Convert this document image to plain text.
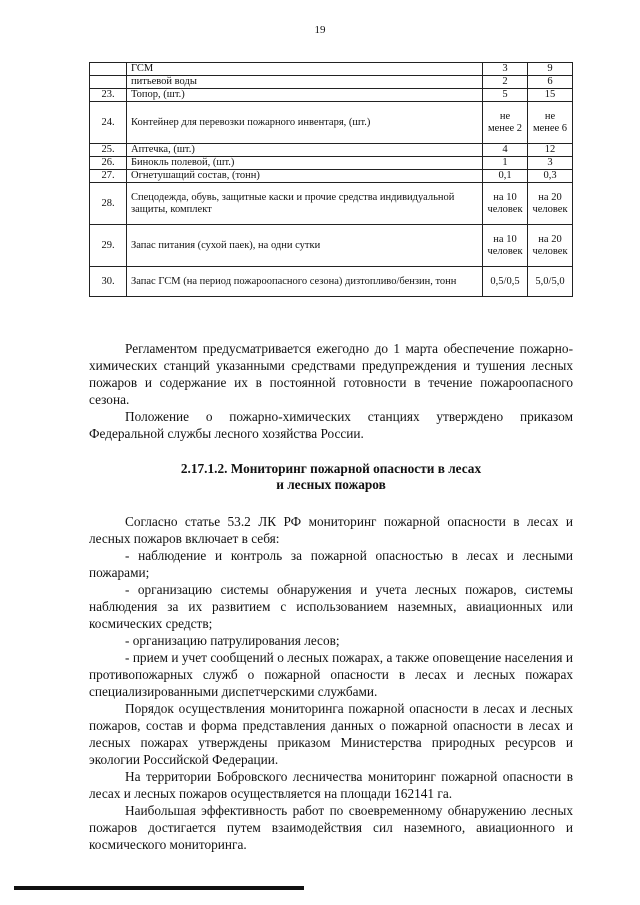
19
	ГСМ	3	9
	питьевой воды	2	6
23.	Топор, (шт.)	5	15
24.	Контейнер для перевозки пожарного инвентаря, (шт.)	не менее 2	не менее 6
25.	Аптечка, (шт.)	4	12
26.	Бинокль полевой, (шт.)	1	3
27.	Огнетушащий состав, (тонн)	0,1	0,3
28.	Спецодежда, обувь, защитные каски и прочие средства индивидуальной защиты, комплект	на 10 человек	на 20 человек
29.	Запас питания (сухой паек), на одни сутки	на 10 человек	на 20 человек
30.	Запас ГСМ (на период пожароопасного сезона) дизтопливо/бензин, тонн	0,5/0,5	5,0/5,0

Регламентом предусматривается ежегодно до 1 марта обеспечение пожарно-химических станций указанными средствами предупреждения и тушения лесных пожаров и содержание их в постоянной готовности в течение пожароопасного сезона.

Положение о пожарно-химических станциях утверждено приказом Федеральной службы лесного хозяйства России.

2.17.1.2. Мониторинг пожарной опасности в лесах
и лесных пожаров

Согласно статье 53.2 ЛК РФ мониторинг пожарной опасности в лесах и лесных пожаров включает в себя:

- наблюдение и контроль за пожарной опасностью в лесах и лесными пожарами;

- организацию системы обнаружения и учета лесных пожаров, системы наблюдения за их развитием с использованием наземных, авиационных или космических средств;

- организацию патрулирования лесов;

- прием и учет сообщений о лесных пожарах, а также оповещение населения и противопожарных служб о пожарной опасности в лесах и лесных пожарах специализированными диспетчерскими службами.

Порядок осуществления мониторинга пожарной опасности в лесах и лесных пожаров, состав и форма представления данных о пожарной опасности в лесах и лесных пожарах утверждены приказом Министерства природных ресурсов и экологии Российской Федерации.

На территории Бобровского лесничества мониторинг пожарной опасности в лесах и лесных пожаров осуществляется на площади 162141 га.

Наибольшая эффективность работ по своевременному обнаружению лесных пожаров достигается путем взаимодействия сил наземного, авиационного и космического мониторинга.
